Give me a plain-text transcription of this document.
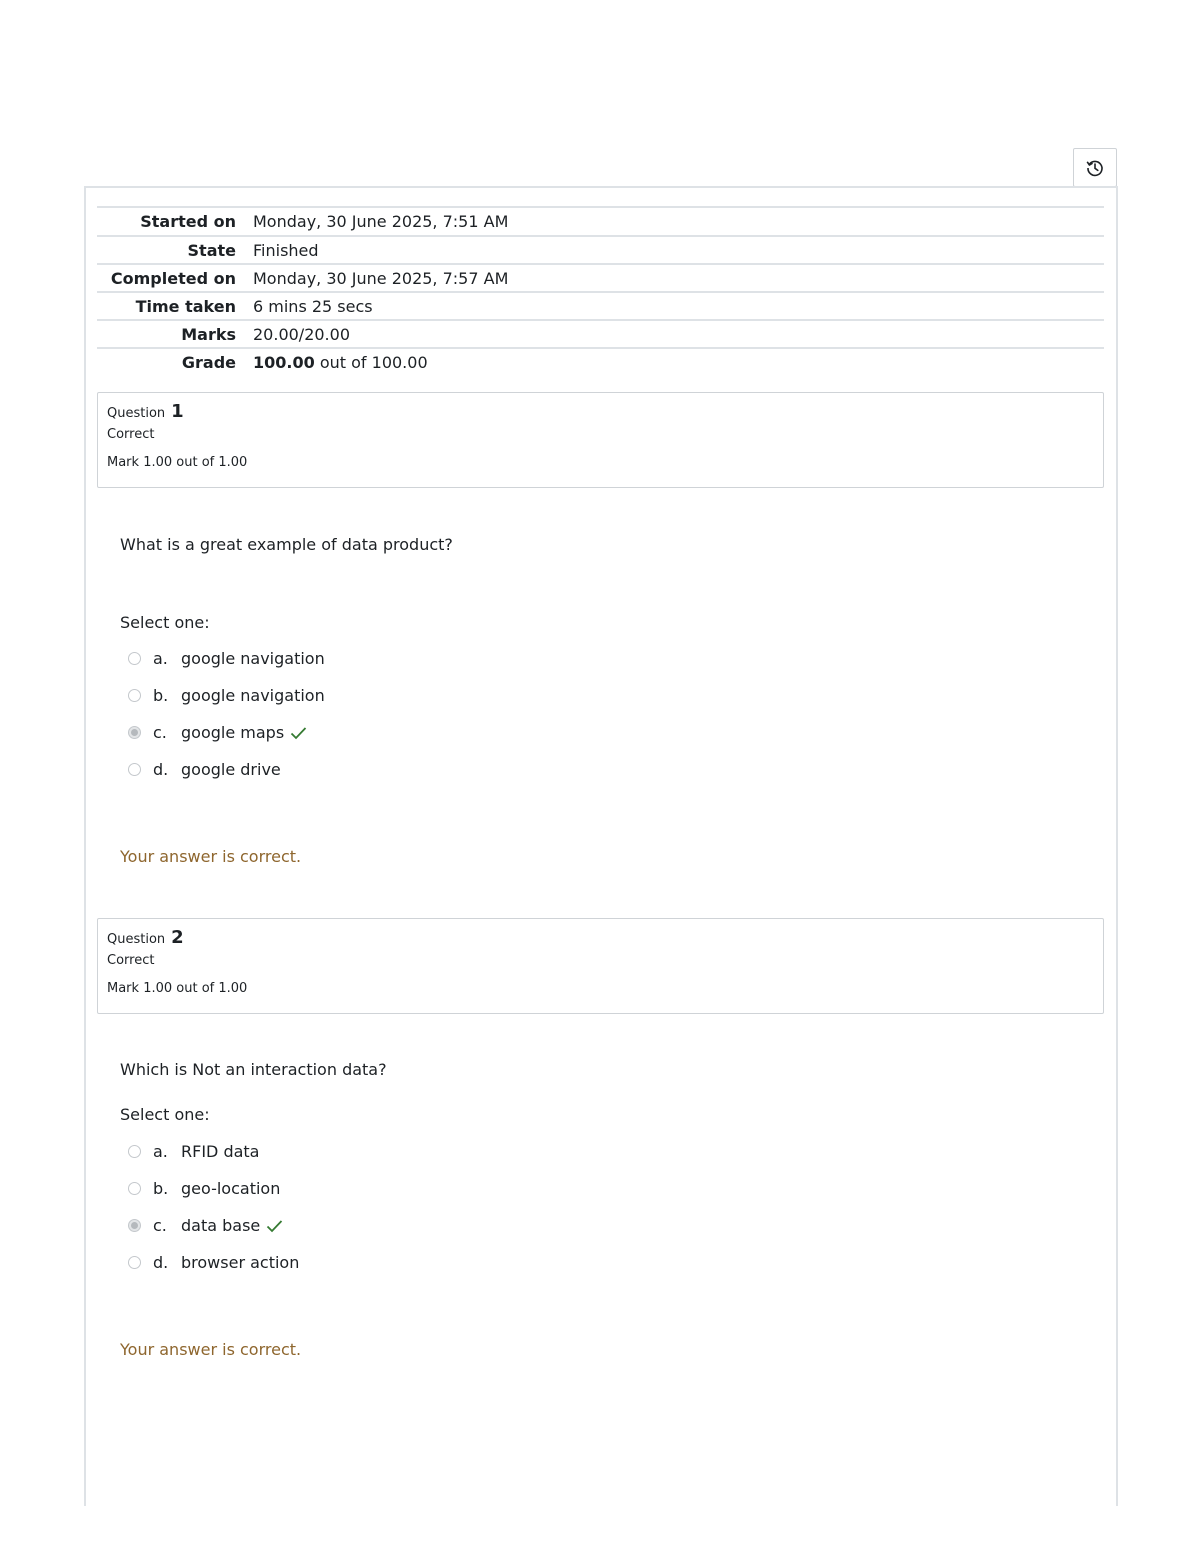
Started on	Monday, 30 June 2025, 7:51 AM
State	Finished
Completed on	Monday, 30 June 2025, 7:57 AM
Time taken	6 mins 25 secs
Marks	20.00/20.00
Grade	100.00 out of 100.00
Question 1
Correct
Mark 1.00 out of 1.00
What is a great example of data product?
Select one:
a. google navigation
b. google navigation
c. google maps
d. google drive
Your answer is correct.
Question 2
Correct
Mark 1.00 out of 1.00
Which is Not an interaction data?
Select one:
a. RFID data
b. geo-location
c. data base
d. browser action
Your answer is correct.
